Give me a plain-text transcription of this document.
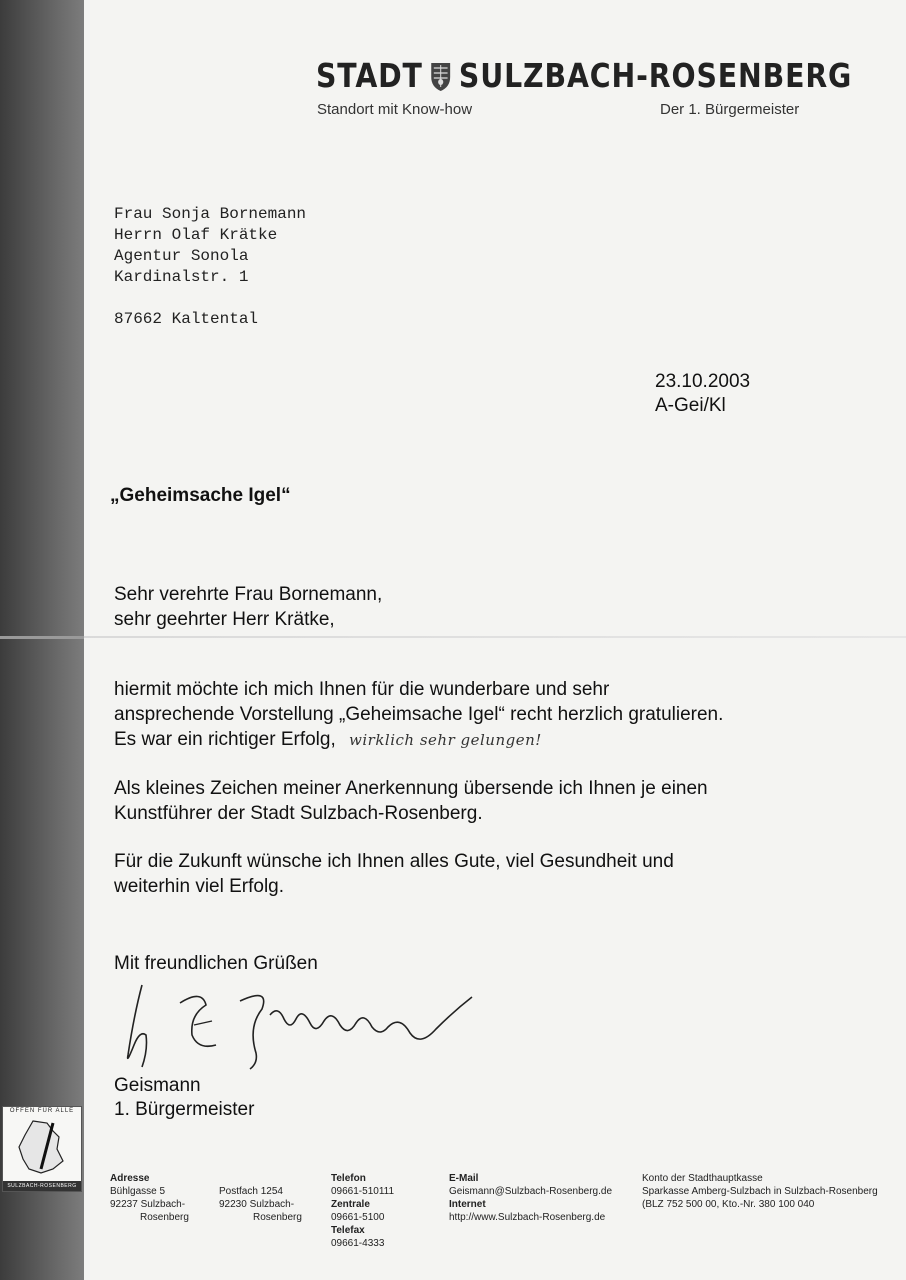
STADT SULZBACH-ROSENBERG
Standort mit Know-how	Der 1. Bürgermeister
Frau Sonja Bornemann
Herrn Olaf Krätke
Agentur Sonola
Kardinalstr. 1
87662 Kaltental
23.10.2003
A-Gei/Kl
„Geheimsache Igel“
Sehr verehrte Frau Bornemann,
sehr geehrter Herr Krätke,
hiermit möchte ich mich Ihnen für die wunderbare und sehr
ansprechende Vorstellung „Geheimsache Igel“ recht herzlich gratulieren.
Es war ein richtiger Erfolg, wirklich sehr gelungen!
Als kleines Zeichen meiner Anerkennung übersende ich Ihnen je einen
Kunstführer der Stadt Sulzbach-Rosenberg.
Für die Zukunft wünsche ich Ihnen alles Gute, viel Gesundheit und
weiterhin viel Erfolg.
Mit freundlichen Grüßen
Geismann
1. Bürgermeister
OFFEN FÜR ALLE
SULZBACH-ROSENBERG
Adresse
Bühlgasse 5
92237 Sulzbach-
Rosenberg
Postfach 1254
92230 Sulzbach-
Rosenberg
Telefon
09661-510111
Zentrale
09661-5100
Telefax
09661-4333
E-Mail
Geismann@Sulzbach-Rosenberg.de
Internet
http://www.Sulzbach-Rosenberg.de
Konto der Stadthauptkasse
Sparkasse Amberg-Sulzbach in Sulzbach-Rosenberg
(BLZ 752 500 00, Kto.-Nr. 380 100 040
